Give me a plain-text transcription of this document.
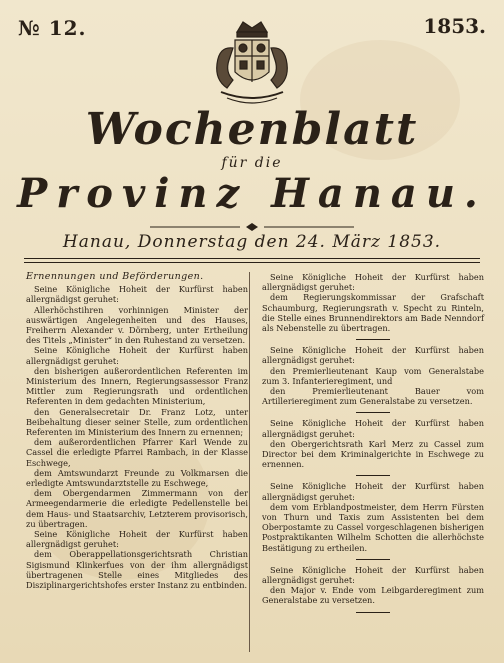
№ 12.	1853.
Wochenblatt
für die
Provinz Hanau.
Hanau, Donnerstag den 24. März 1853.
Ernennungen und Beförderungen.

Seine Königliche Hoheit der Kurfürst haben allergnädigst geruhet:

Allerhöchstihren vorhinnigen Minister der auswärtigen Angelegenheiten und des Hauses, Freiherrn Alexander v. Dörnberg, unter Ertheilung des Titels „Minister“ in den Ruhestand zu versetzen.

Seine Königliche Hoheit der Kurfürst haben allergnädigst geruhet:

den bisherigen außerordentlichen Referenten im Ministerium des Innern, Regierungsassessor Franz Mittler zum Regierungsrath und ordentlichen Referenten in dem gedachten Ministerium,

den Generalsecretair Dr. Franz Lotz, unter Beibehaltung dieser seiner Stelle, zum ordentlichen Referenten im Ministerium des Innern zu ernennen;

dem außerordentlichen Pfarrer Karl Wende zu Cassel die erledigte Pfarrei Rambach, in der Klasse Eschwege,

dem Amtswundarzt Freunde zu Volkmarsen die erledigte Amtswundarztstelle zu Eschwege,

dem Obergendarmen Zimmermann von der Armeegendarmerie die erledigte Pedellenstelle bei dem Haus- und Staatsarchiv, Letzterem provisorisch, zu übertragen.

Seine Königliche Hoheit der Kurfürst haben allergnädigst geruhet:

dem Oberappellationsgerichtsrath Christian Sigismund Klinkerfues von der ihm allergnädigst übertragenen Stelle eines Mitgliedes des Disziplinargerichtshofes erster Instanz zu entbinden.

Seine Königliche Hoheit der Kurfürst haben allergnädigst geruhet:

dem Regierungskommissar der Grafschaft Schaumburg, Regierungsrath v. Specht zu Rinteln, die Stelle eines Brunnendirektors am Bade Nenndorf als Nebenstelle zu übertragen.

Seine Königliche Hoheit der Kurfürst haben allergnädigst geruhet:

den Premierlieutenant Kaup vom Generalstabe zum 3. Infanterieregiment, und

den Premierlieutenant Bauer vom Artillerieregiment zum Generalstabe zu versetzen.

Seine Königliche Hoheit der Kurfürst haben allergnädigst geruhet:

den Obergerichtsrath Karl Merz zu Cassel zum Director bei dem Kriminalgerichte in Eschwege zu ernennen.

Seine Königliche Hoheit der Kurfürst haben allergnädigst geruhet:

dem vom Erblandpostmeister, dem Herrn Fürsten von Thurn und Taxis zum Assistenten bei dem Oberpostamte zu Cassel vorgeschlagenen bisherigen Postpraktikanten Wilhelm Schotten die allerhöchste Bestätigung zu ertheilen.

Seine Königliche Hoheit der Kurfürst haben allergnädigst geruhet:

den Major v. Ende vom Leibgarderegiment zum Generalstabe zu versetzen.
